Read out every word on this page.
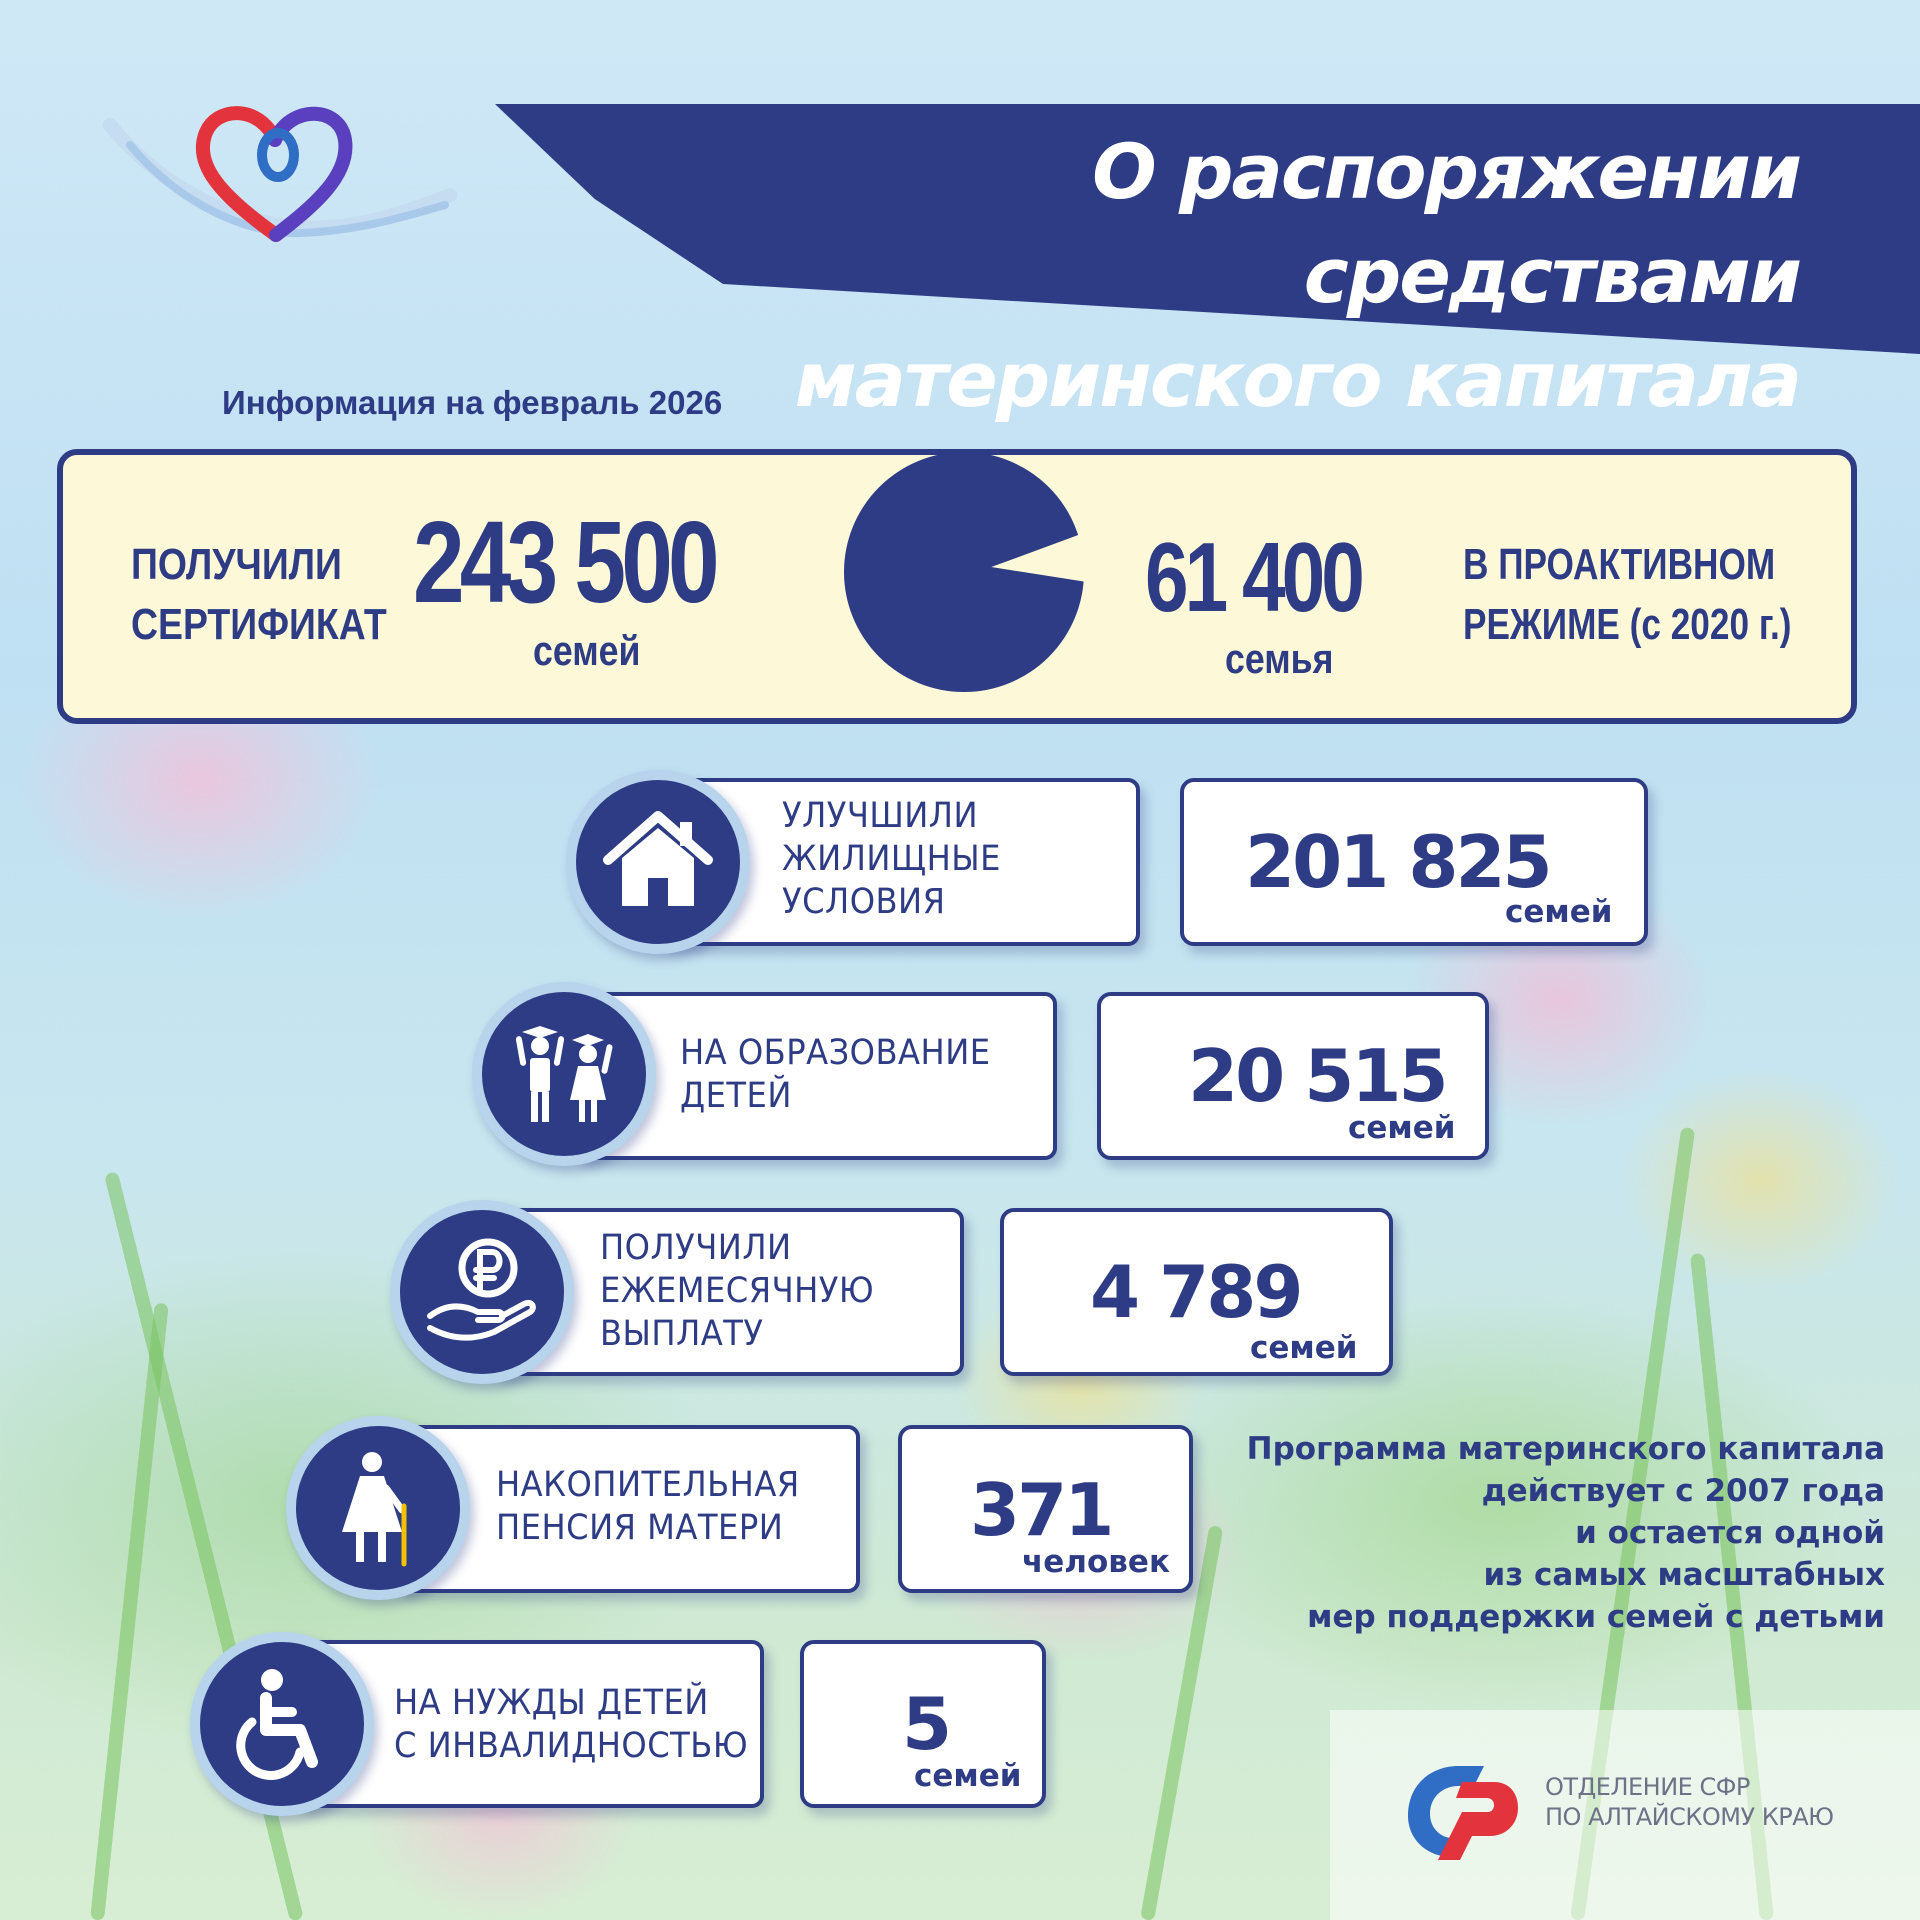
О распоряжении средствами
материнского капитала
Информация на февраль 2026
ПОЛУЧИЛИ
СЕРТИФИКАТ 243 500
семей
61 400
семья
В ПРОАКТИВНОМ
РЕЖИМЕ (с 2020 г.)
УЛУЧШИЛИ
ЖИЛИЩНЫЕ
УСЛОВИЯ	201 825
семей
НА ОБРАЗОВАНИЕ
ДЕТЕЙ	20 515
семей
ПОЛУЧИЛИ
ЕЖЕМЕСЯЧНУЮ
ВЫПЛАТУ	4 789
семей
НАКОПИТЕЛЬНАЯ
ПЕНСИЯ МАТЕРИ	371
человек
НА НУЖДЫ ДЕТЕЙ
С ИНВАЛИДНОСТЬЮ 5
семей
Программа материнского капитала
действует с 2007 года
и остается одной
из самых масштабных
мер поддержки семей с детьми
ОТДЕЛЕНИЕ СФР
ПО АЛТАЙСКОМУ КРАЮ
